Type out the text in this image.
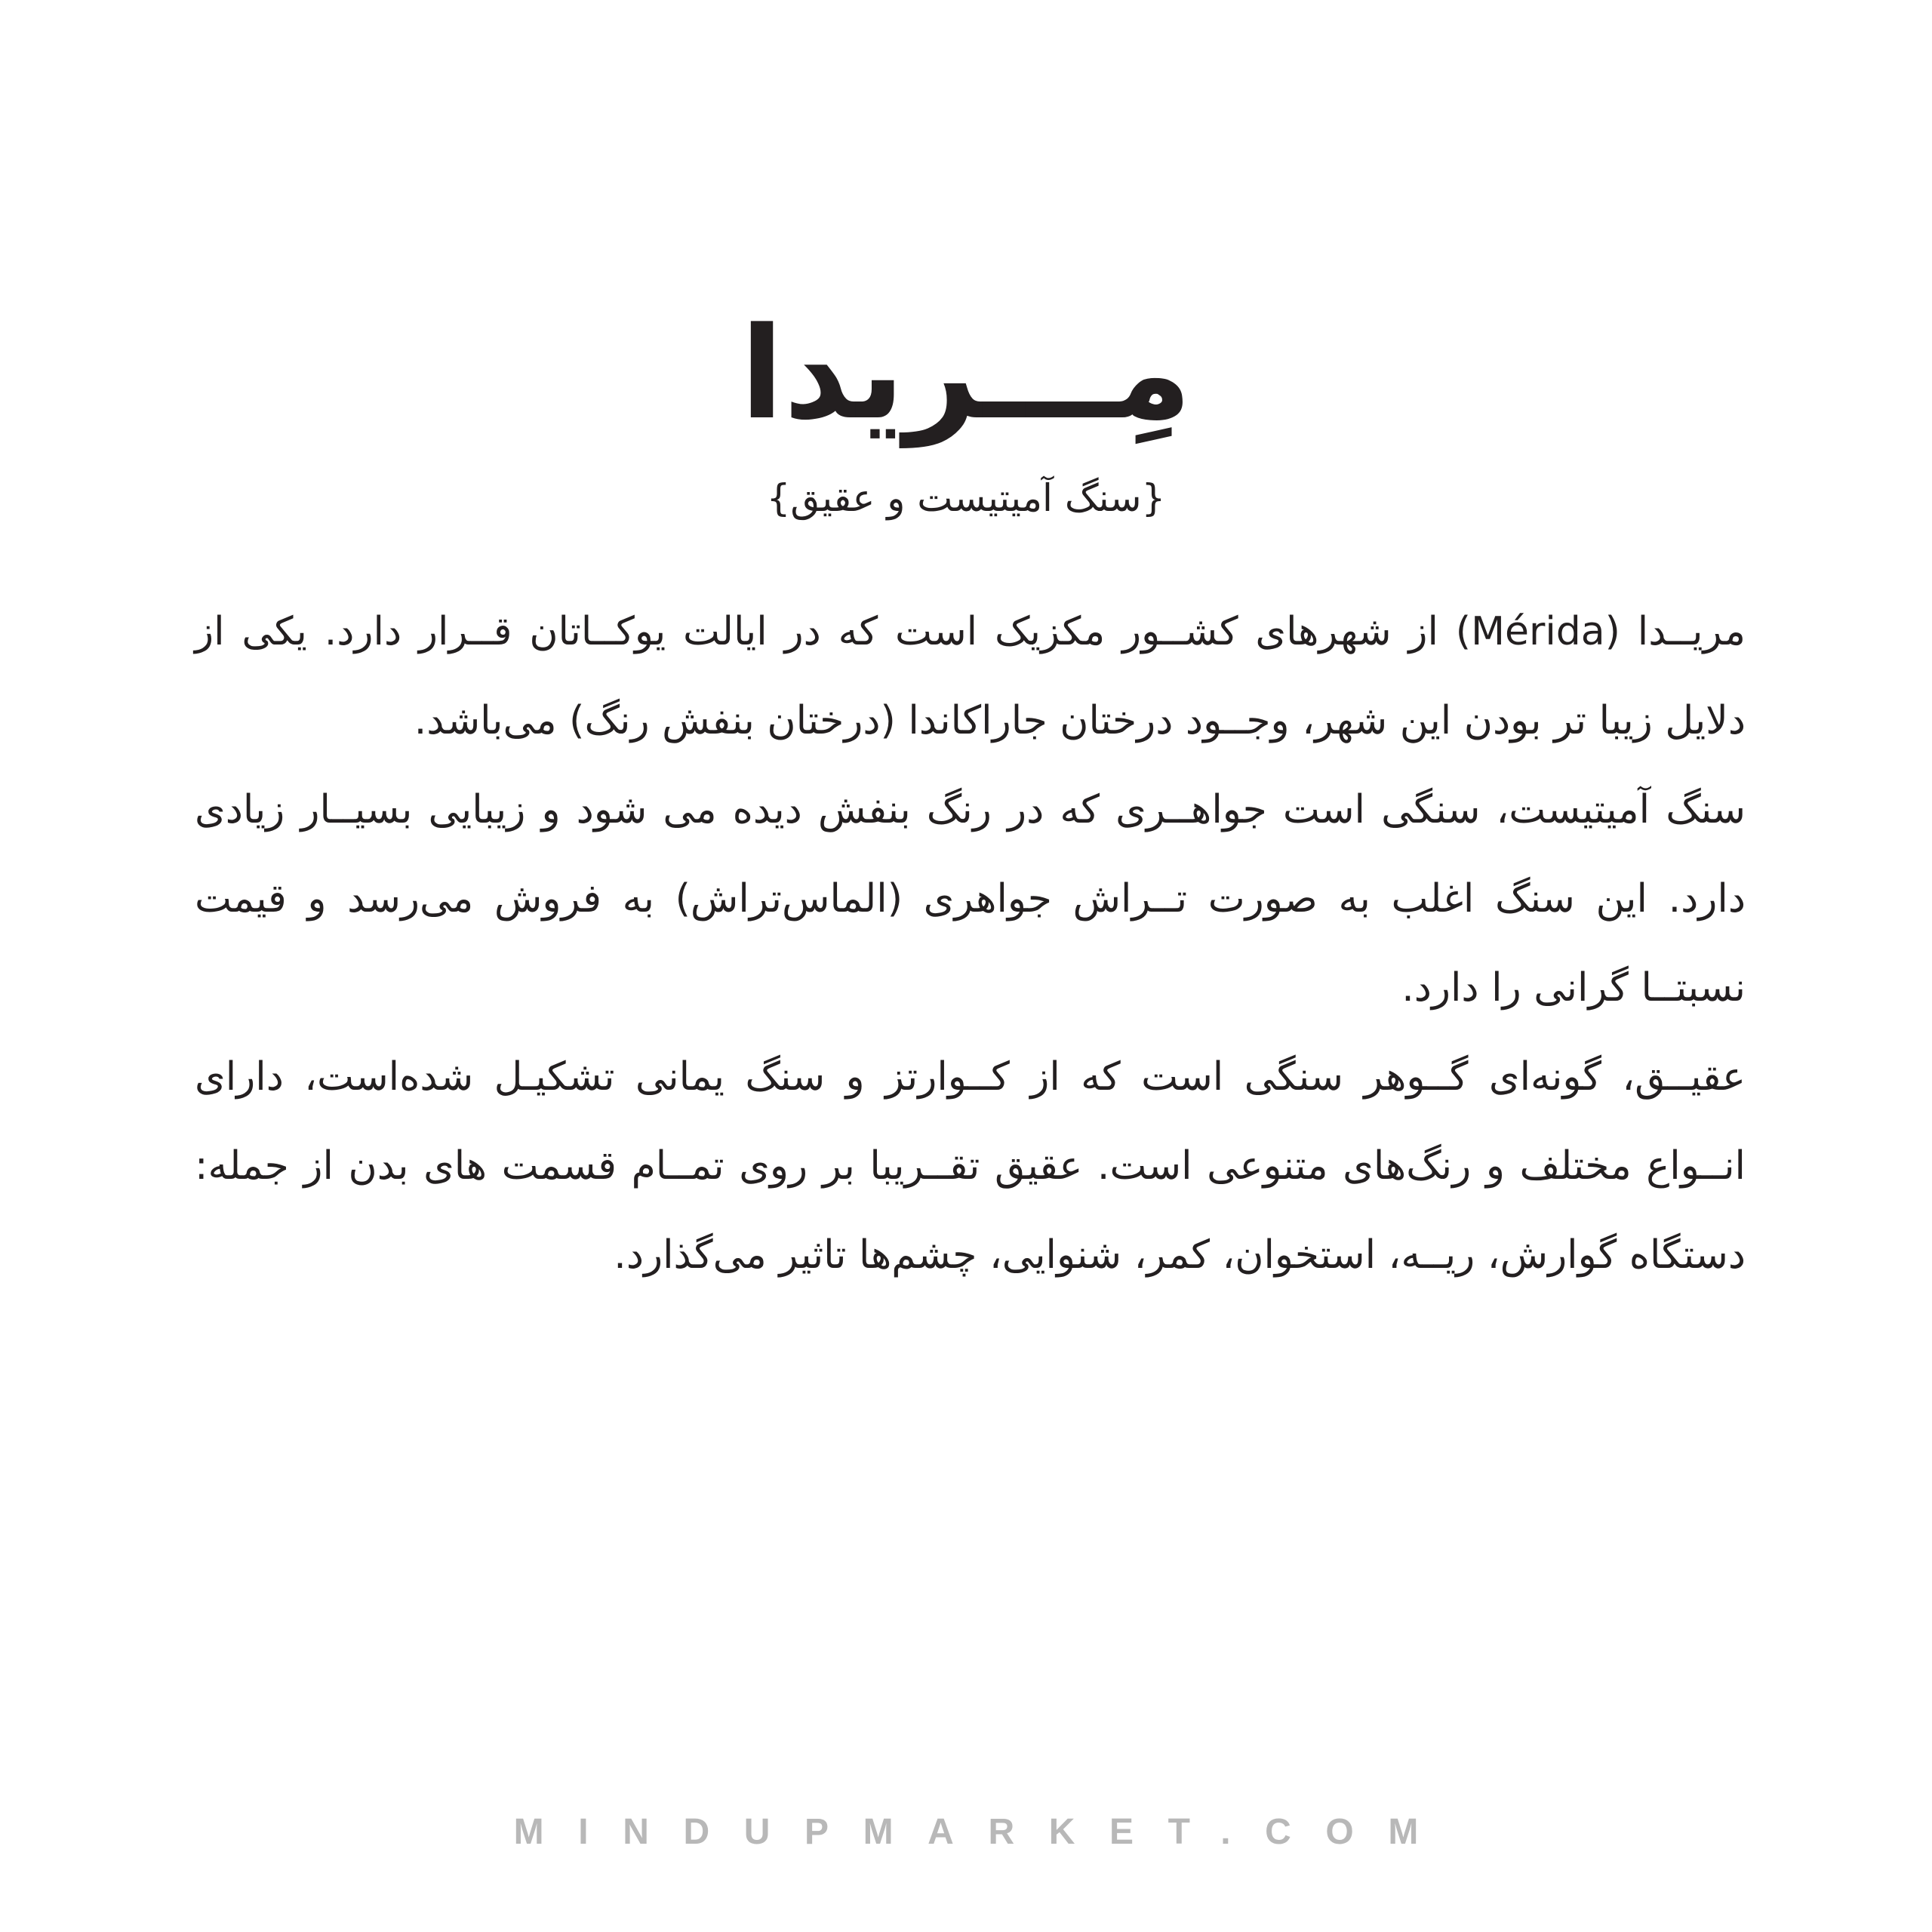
مِـــریدا
{سنگ آمیتیست و عقیق}

مریــدا (Mérida) از شهرهای کشــور مکزیک است که در ایالت یوکــاتان قــرار دارد. یکی از دلایل زیبا تر بودن این شهر، وجــود درختان جاراکاندا (درختان بنفش رنگ) می‌باشد.

سنگ آمیتیست، سنگی است جواهــری که در رنگ بنفش دیده می شود و زیبایی بسیــار زیادی دارد. این سنگ اغلب به صورت تــراش جواهری (الماس‌تراش) به فروش می‌رسد و قیمت نسبتــا گرانی را دارد.

عقیــق، گونه‌ای گــوهر سنگی است که از کــوارتز و سنگ یمانی تشکیـل شده‌است، دارای انــواع مختلف و رنگ‌های متنوعی است. عقیق تقــریبا بر روی تمــام قسمت های بدن از جمله: دستگاه گوارش، ریــه، استخوان، کمر، شنوایی، چشم‌ها تاثیر می‌گذارد.

MINDUPMARKET.COM
